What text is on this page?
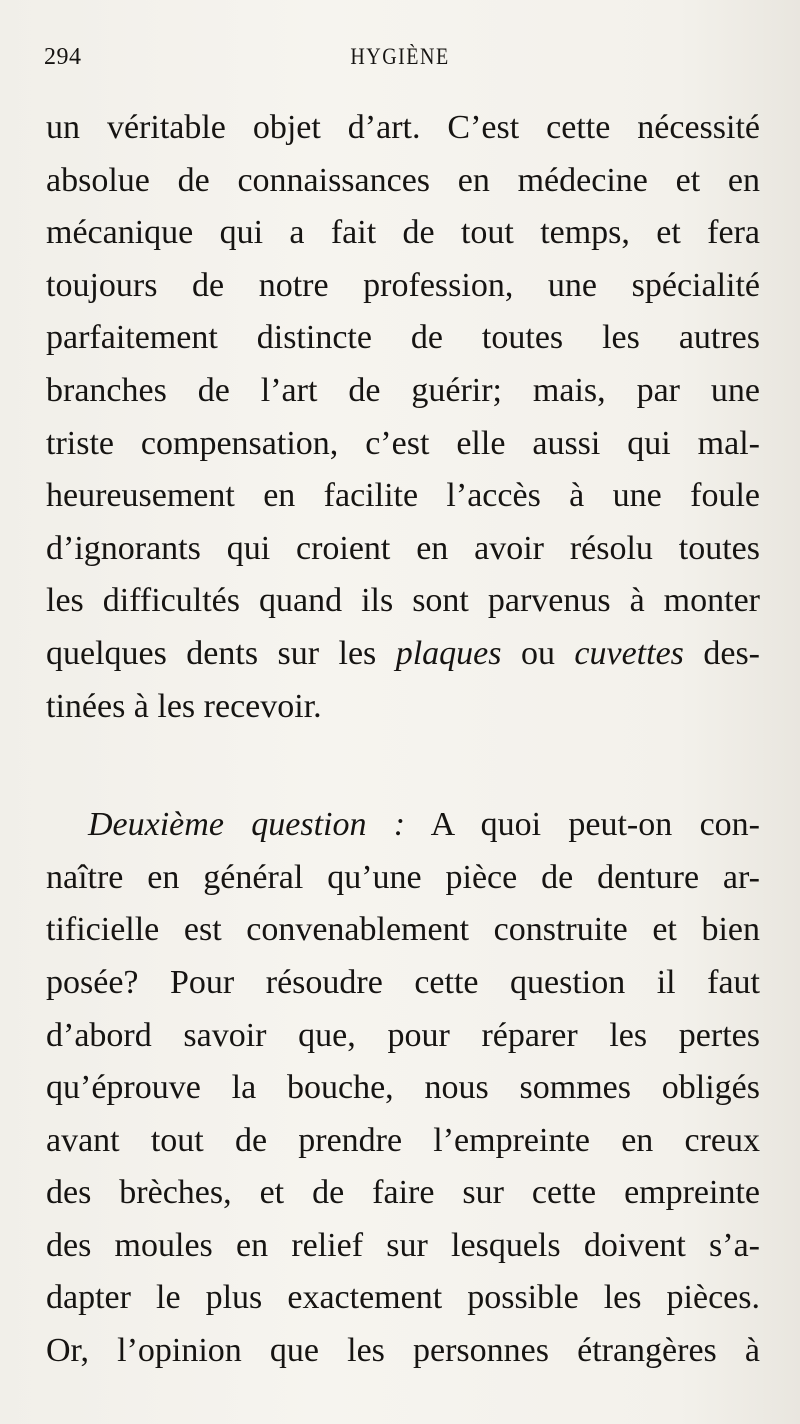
294	HYGIÈNE
un véritable objet d’art. C’est cette nécessité
absolue de connaissances en médecine et en
mécanique qui a fait de tout temps, et fera
toujours de notre profession, une spécialité
parfaitement distincte de toutes les autres
branches de l’art de guérir; mais, par une
triste compensation, c’est elle aussi qui mal-
heureusement en facilite l’accès à une foule
d’ignorants qui croient en avoir résolu toutes
les difficultés quand ils sont parvenus à monter
quelques dents sur les plaques ou cuvettes des-
tinées à les recevoir.
Deuxième question : A quoi peut-on con-
naître en général qu’une pièce de denture ar-
tificielle est convenablement construite et bien
posée? Pour résoudre cette question il faut
d’abord savoir que, pour réparer les pertes
qu’éprouve la bouche, nous sommes obligés
avant tout de prendre l’empreinte en creux
des brèches, et de faire sur cette empreinte
des moules en relief sur lesquels doivent s’a-
dapter le plus exactement possible les pièces.
Or, l’opinion que les personnes étrangères à
